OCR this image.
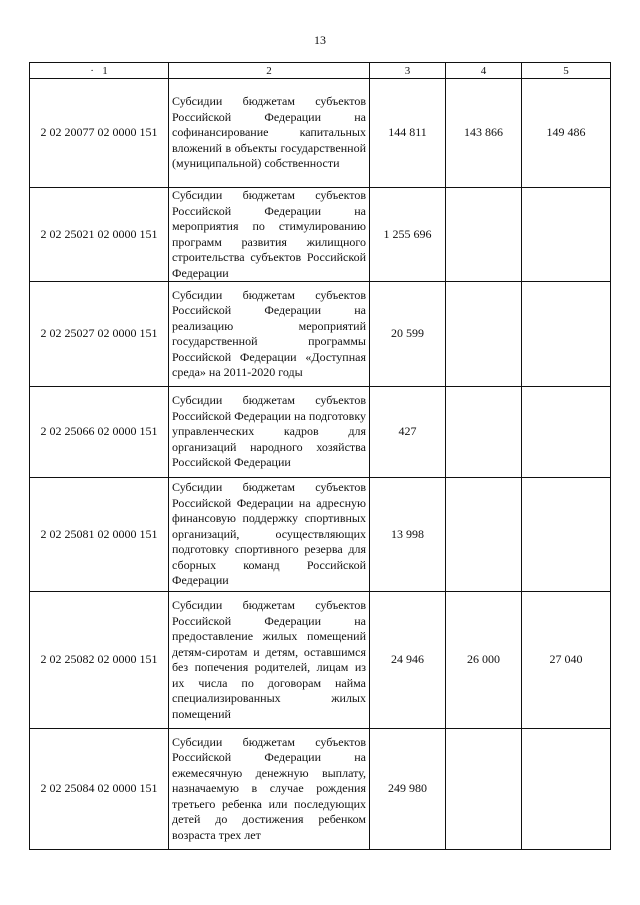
13
· 1	2	3	4	5
2 02 20077 02 0000 151	Субсидии бюджетам субъектов Российской Федерации на софинансирование капитальных вложений в объекты государственной (муниципальной) собственности	144 811	143 866	149 486
2 02 25021 02 0000 151	Субсидии бюджетам субъектов Российской Федерации на мероприятия по стимулированию программ развития жилищного строительства субъектов Российской Федерации	1 255 696		
2 02 25027 02 0000 151	Субсидии бюджетам субъектов Российской Федерации на реализацию мероприятий государственной программы Российской Федерации «Доступная среда» на 2011-2020 годы	20 599		
2 02 25066 02 0000 151	Субсидии бюджетам субъектов Российской Федерации на подготовку управленческих кадров для организаций народного хозяйства Российской Федерации	427		
2 02 25081 02 0000 151	Субсидии бюджетам субъектов Российской Федерации на адресную финансовую поддержку спортивных организаций, осуществляющих подготовку спортивного резерва для сборных команд Российской Федерации	13 998		
2 02 25082 02 0000 151	Субсидии бюджетам субъектов Российской Федерации на предоставление жилых помещений детям-сиротам и детям, оставшимся без попечения родителей, лицам из их числа по договорам найма специализированных жилых помещений	24 946	26 000	27 040
2 02 25084 02 0000 151	Субсидии бюджетам субъектов Российской Федерации на ежемесячную денежную выплату, назначаемую в случае рождения третьего ребенка или последующих детей до достижения ребенком возраста трех лет	249 980		
